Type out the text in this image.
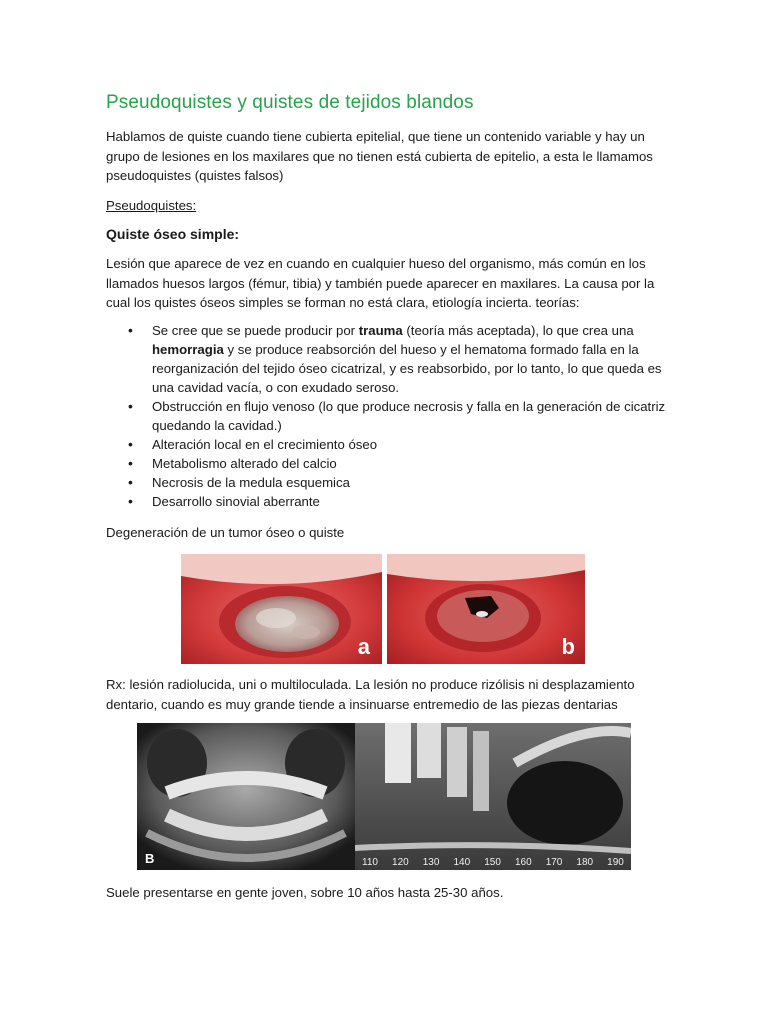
Pseudoquistes y quistes de tejidos blandos

Hablamos de quiste cuando tiene cubierta epitelial, que tiene un contenido variable y hay un grupo de lesiones en los maxilares que no tienen está cubierta de epitelio, a esta le llamamos pseudoquistes (quistes falsos)

Pseudoquistes:

Quiste óseo simple:

Lesión que aparece de vez en cuando en cualquier hueso del organismo, más común en los llamados huesos largos (fémur, tibia) y también puede aparecer en maxilares. La causa por la cual los quistes óseos simples se forman no está clara, etiología incierta. teorías:

• Se cree que se puede producir por trauma (teoría más aceptada), lo que crea una hemorragia y se produce reabsorción del hueso y el hematoma formado falla en la reorganización del tejido óseo cicatrizal, y es reabsorbido, por lo tanto, lo que queda es una cavidad vacía, o con exudado seroso.
• Obstrucción en flujo venoso (lo que produce necrosis y falla en la generación de cicatriz quedando la cavidad.)
• Alteración local en el crecimiento óseo
• Metabolismo alterado del calcio
• Necrosis de la medula esquemica
• Desarrollo sinovial aberrante

Degeneración de un tumor óseo o quiste

a	b

Rx: lesión radiolucida, uni o multiloculada. La lesión no produce rizólisis ni desplazamiento dentario, cuando es muy grande tiende a insinuarse entremedio de las piezas dentarias

B	110 120 130 140 150 160 170 180 190

Suele presentarse en gente joven, sobre 10 años hasta 25-30 años.
